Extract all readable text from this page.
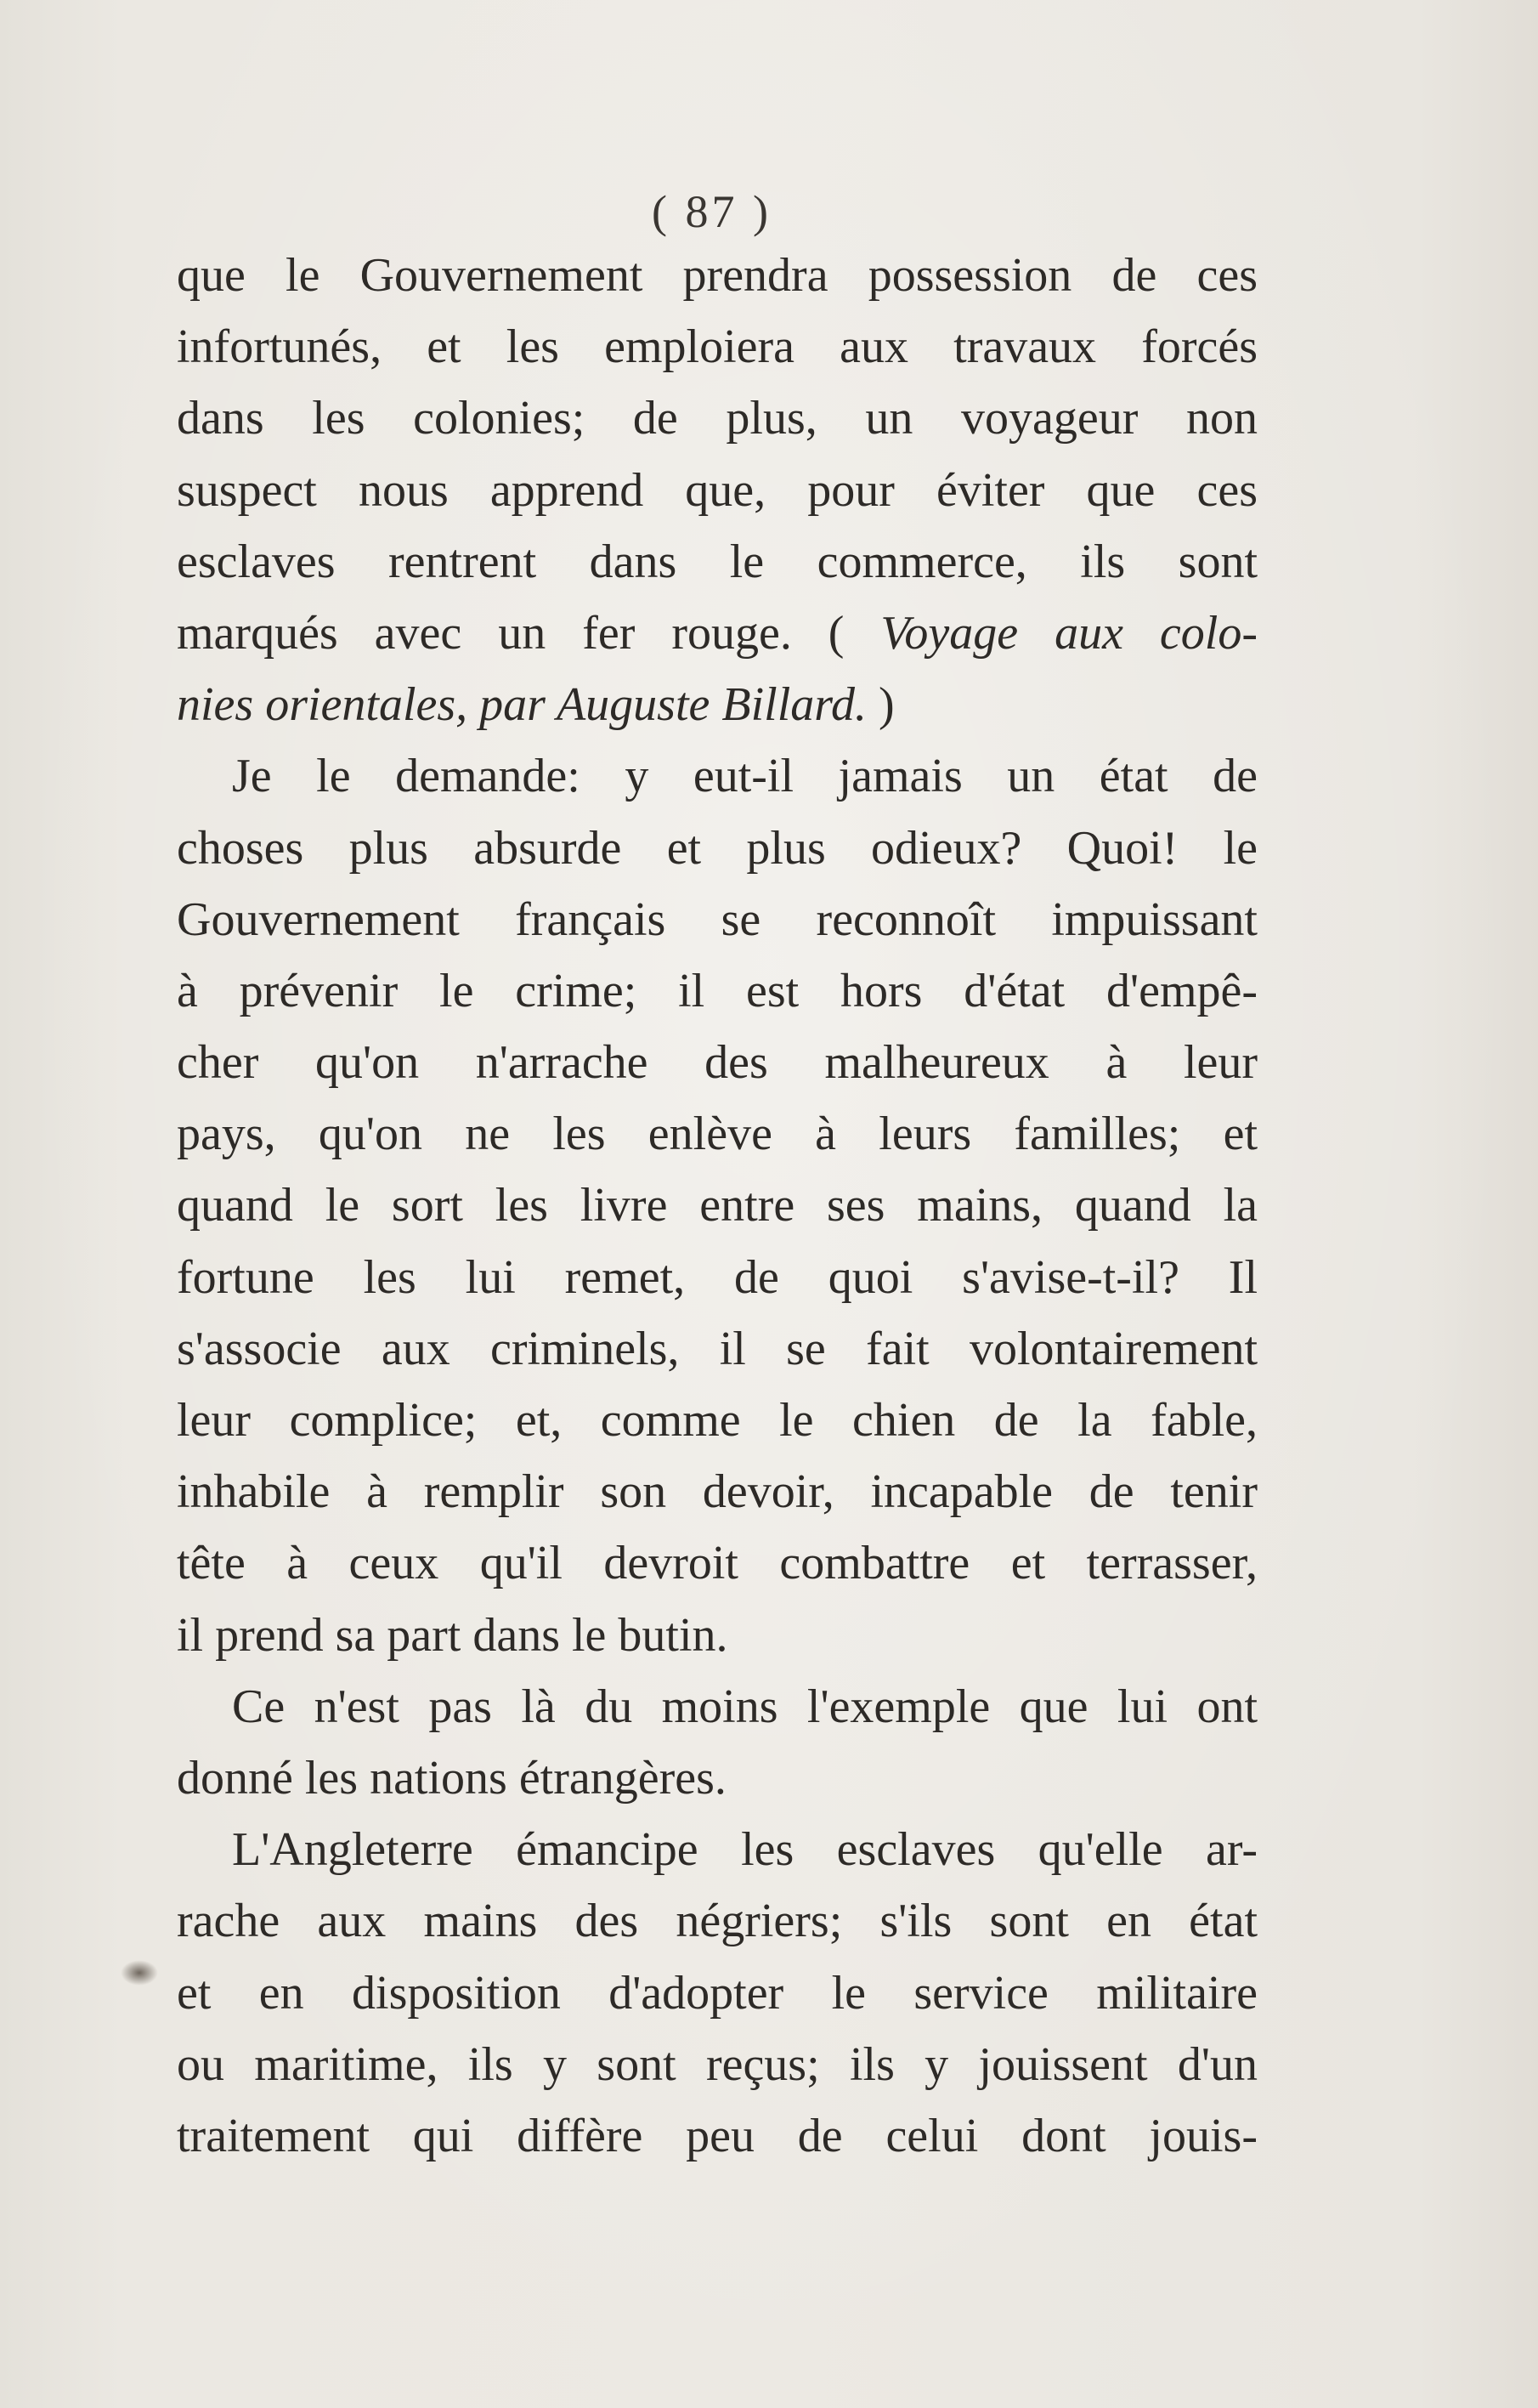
( 87 )
que le Gouvernement prendra possession de ces
infortunés, et les emploiera aux travaux forcés
dans les colonies; de plus, un voyageur non
suspect nous apprend que, pour éviter que ces
esclaves rentrent dans le commerce, ils sont
marqués avec un fer rouge. ( Voyage aux colo-
nies orientales, par Auguste Billard. )
Je le demande: y eut-il jamais un état de
choses plus absurde et plus odieux? Quoi! le
Gouvernement français se reconnoît impuissant
à prévenir le crime; il est hors d'état d'empê-
cher qu'on n'arrache des malheureux à leur
pays, qu'on ne les enlève à leurs familles; et
quand le sort les livre entre ses mains, quand la
fortune les lui remet, de quoi s'avise-t-il? Il
s'associe aux criminels, il se fait volontairement
leur complice; et, comme le chien de la fable,
inhabile à remplir son devoir, incapable de tenir
tête à ceux qu'il devroit combattre et terrasser,
il prend sa part dans le butin.
Ce n'est pas là du moins l'exemple que lui ont
donné les nations étrangères.
L'Angleterre émancipe les esclaves qu'elle ar-
rache aux mains des négriers; s'ils sont en état
et en disposition d'adopter le service militaire
ou maritime, ils y sont reçus; ils y jouissent d'un
traitement qui diffère peu de celui dont jouis-
